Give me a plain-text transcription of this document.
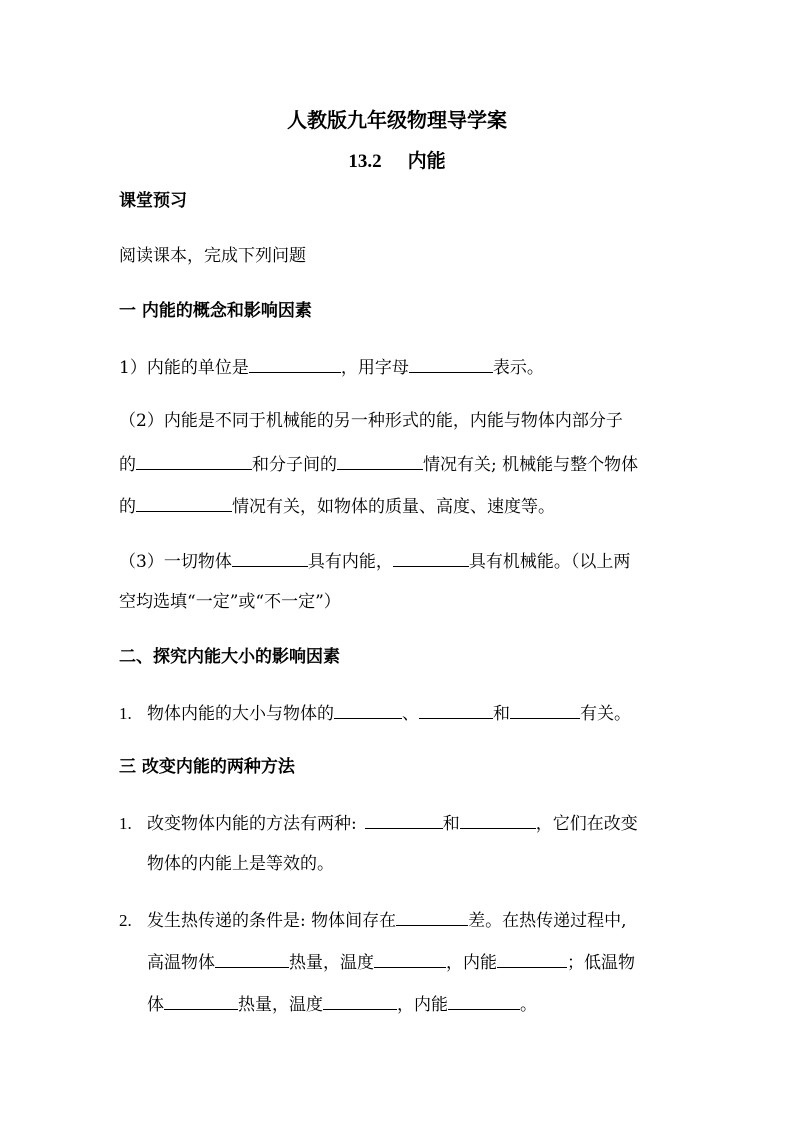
人教版九年级物理导学案
13.2 内能
课堂预习
阅读课本，完成下列问题
一 内能的概念和影响因素
1）内能的单位是	，用字母	表示。
（2）内能是不同于机械能的另一种形式的能，内能与物体内部分子
的	和分子间的	情况有关; 机械能与整个物体
的	情况有关，如物体的质量、高度、速度等。
（3）一切物体	具有内能，	具有机械能。（以上两
空均选填“一定”或“不一定”）
二、探究内能大小的影响因素
1. 物体内能的大小与物体的	、	和	有关。
三 改变内能的两种方法
1. 改变物体内能的方法有两种:	和	，它们在改变
物体的内能上是等效的。
2. 发生热传递的条件是: 物体间存在	差。在热传递过程中,
高温物体	热量，温度	，内能	；低温物
体	热量，温度	，内能	。
